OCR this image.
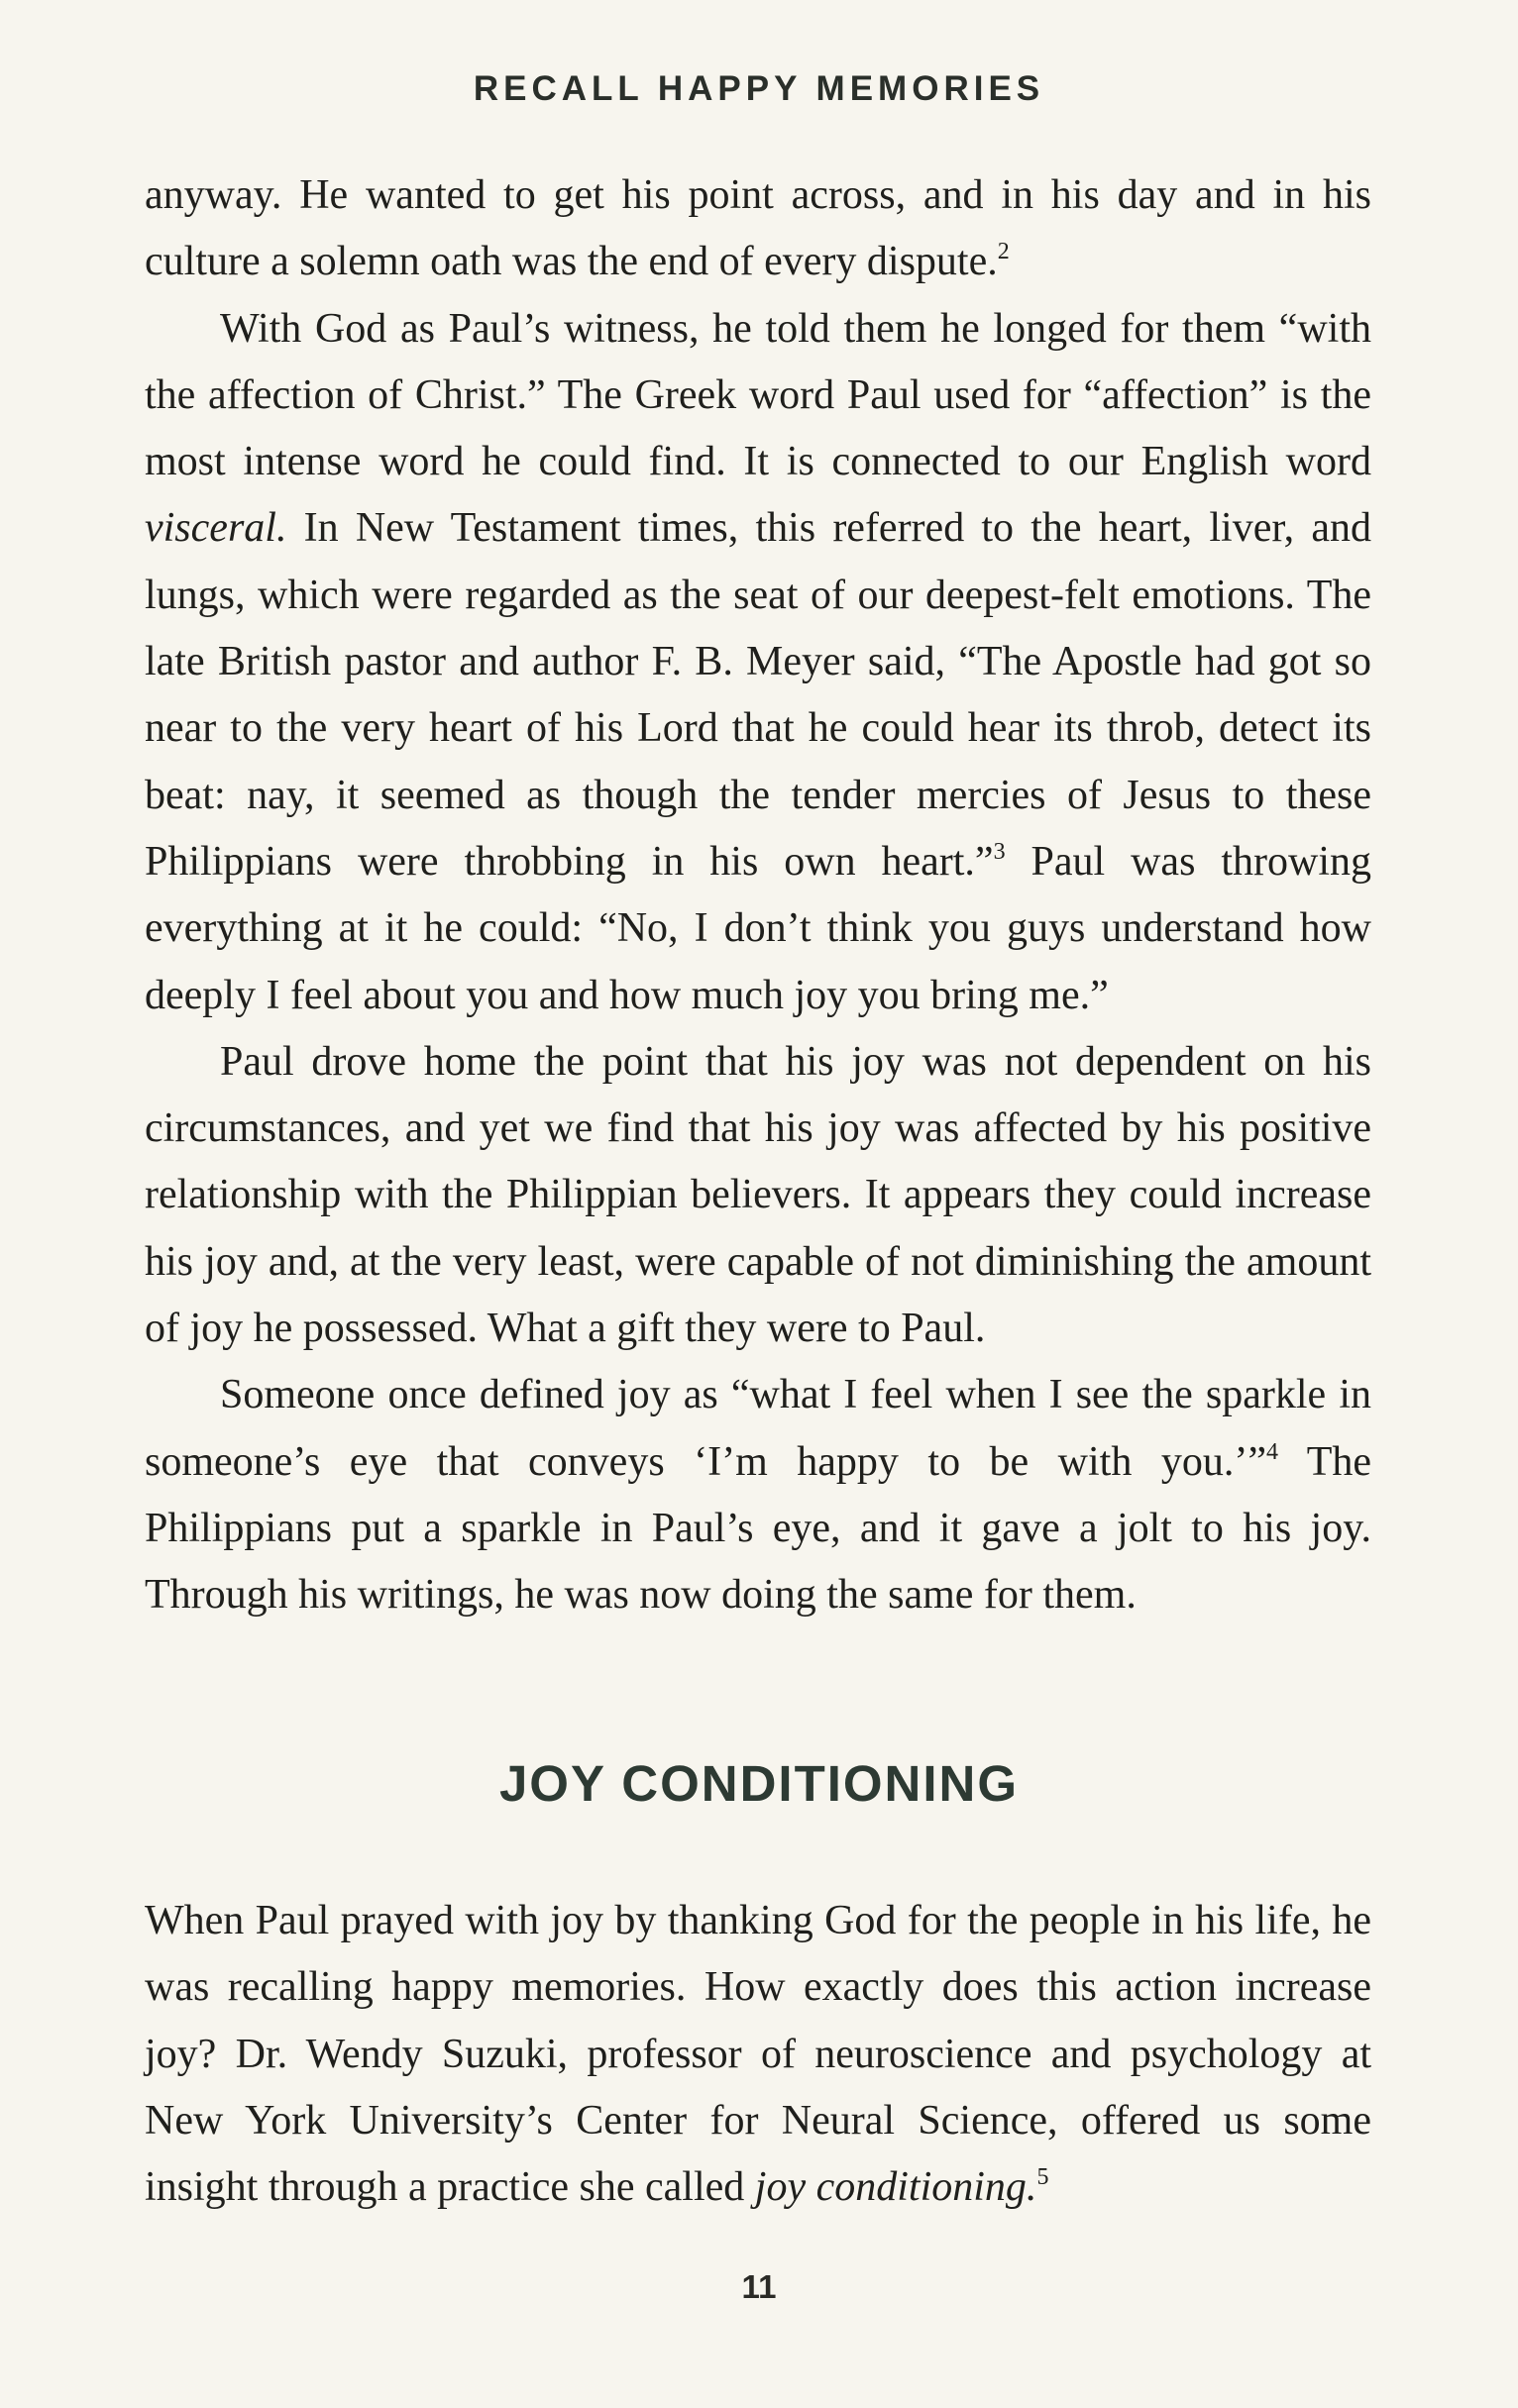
RECALL HAPPY MEMORIES

anyway. He wanted to get his point across, and in his day and in his culture a solemn oath was the end of every dispute.$^2$

With God as Paul’s witness, he told them he longed for them “with the affection of Christ.” The Greek word Paul used for “affection” is the most intense word he could find. It is connected to our English word visceral. In New Testament times, this referred to the heart, liver, and lungs, which were regarded as the seat of our deepest-felt emotions. The late British pastor and author F. B. Meyer said, “The Apostle had got so near to the very heart of his Lord that he could hear its throb, detect its beat: nay, it seemed as though the tender mercies of Jesus to these Philippians were throbbing in his own heart.”$^3$ Paul was throwing everything at it he could: “No, I don’t think you guys understand how deeply I feel about you and how much joy you bring me.”

Paul drove home the point that his joy was not dependent on his circumstances, and yet we find that his joy was affected by his positive relationship with the Philippian believers. It appears they could increase his joy and, at the very least, were capable of not diminishing the amount of joy he possessed. What a gift they were to Paul.

Someone once defined joy as “what I feel when I see the sparkle in someone’s eye that conveys ‘I’m happy to be with you.’”$^4$ The Philippians put a sparkle in Paul’s eye, and it gave a jolt to his joy. Through his writings, he was now doing the same for them.

JOY CONDITIONING

When Paul prayed with joy by thanking God for the people in his life, he was recalling happy memories. How exactly does this action increase joy? Dr. Wendy Suzuki, professor of neuroscience and psychology at New York University’s Center for Neural Science, offered us some insight through a practice she called joy conditioning.$^5$

11
